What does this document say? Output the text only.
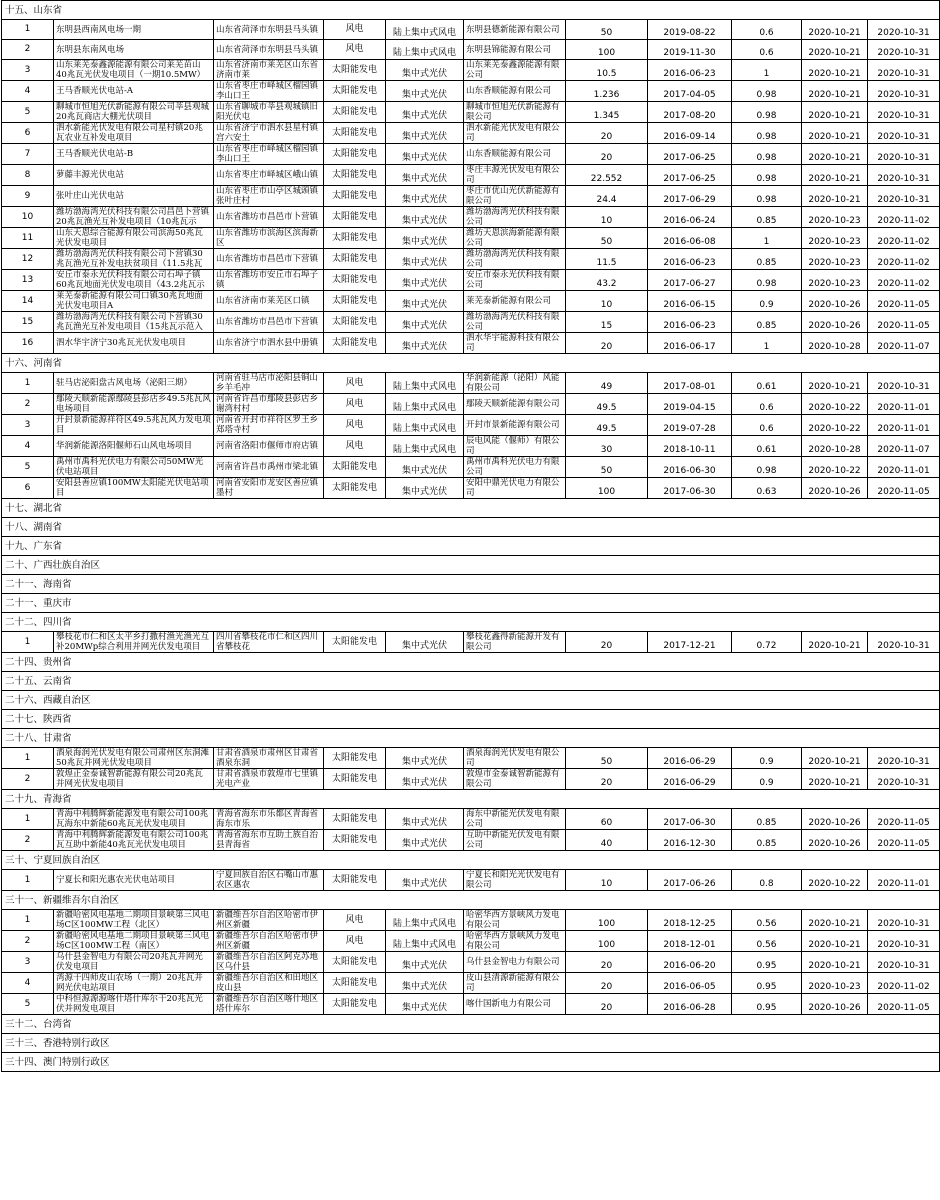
十五、山东省										
1	东明县西南风电场一期	山东省菏泽市东明县马头镇	风电	陆上集中式风电	东明县德新能源有限公司	50	2019-08-22	0.6	2020-10-21	2020-10-31
2	东明县东南风电场	山东省菏泽市东明县马头镇	风电	陆上集中式风电	东明县锦能源有限公司	100	2019-11-30	0.6	2020-10-21	2020-10-31
3	山东莱芜泰鑫源能源有限公司莱芜苗山40兆瓦光伏发电项目（一期10.5MW）	山东省济南市莱芜区山东省济南市莱	太阳能发电	集中式光伏	山东莱芜泰鑫源能源有限公司	10.5	2016-06-23	1	2020-10-21	2020-10-31
4	王马香顺光伏电站-A	山东省枣庄市峄城区榴园镇李山口王	太阳能发电	集中式光伏	山东香顺能源有限公司	1.236	2017-04-05	0.98	2020-10-21	2020-10-31
5	聊城市恒旭光伏新能源有限公司莘县观城20兆瓦商店大棚光伏项目	山东省聊城市莘县观城镇旧阳光伏屯	太阳能发电	集中式光伏	聊城市恒旭光伏新能源有限公司	1.345	2017-08-20	0.98	2020-10-21	2020-10-31
6	泗水新能光伏发电有限公司星村镇20兆瓦农业互补发电项目	山东省济宁市泗水县星村镇宫六安土	太阳能发电	集中式光伏	泗水新能光伏发电有限公司	20	2016-09-14	0.98	2020-10-21	2020-10-31
7	王马香顺光伏电站-B	山东省枣庄市峄城区榴园镇李山口王	太阳能发电	集中式光伏	山东香顺能源有限公司	20	2017-06-25	0.98	2020-10-21	2020-10-31
8	萝藤丰源光伏电站	山东省枣庄市峄城区峨山镇	太阳能发电	集中式光伏	枣庄丰源光伏发电有限公司	22.552	2017-06-25	0.98	2020-10-21	2020-10-31
9	张叶庄山光伏电站	山东省枣庄市山亭区城頭镇张叶庄村	太阳能发电	集中式光伏	枣庄市优山光伏新能源有限公司	24.4	2017-06-29	0.98	2020-10-21	2020-10-31
10	潍坊渤海湾光伏科技有限公司昌邑卜营镇20兆瓦渔光互补发电项目（10兆瓦示	山东省潍坊市昌邑市卜营镇	太阳能发电	集中式光伏	潍坊渤海湾光伏科技有限公司	10	2016-06-24	0.85	2020-10-23	2020-11-02
11	山东天恩综合能源有限公司滨海50兆瓦光伏发电项目	山东省潍坊市滨海区滨海新区	太阳能发电	集中式光伏	潍坊天恩滨海新能源有限公司	50	2016-06-08	1	2020-10-23	2020-11-02
12	潍坊渤海湾光伏科技有限公司下营镇30兆瓦渔光互补发电扶贫项目（11.5兆瓦	山东省潍坊市昌邑市下营镇	太阳能发电	集中式光伏	潍坊渤海湾光伏科技有限公司	11.5	2016-06-23	0.85	2020-10-23	2020-11-02
13	安丘市泰永光伏科技有限公司石埠子镇60兆瓦地面光伏发电项目（43.2兆瓦示	山东省潍坊市安丘市石埠子镇	太阳能发电	集中式光伏	安丘市泰永光伏科技有限公司	43.2	2017-06-27	0.98	2020-10-23	2020-11-02
14	莱芜泰新能源有限公司口镇30兆瓦地面光伏发电项目A	山东省济南市莱芜区口镇	太阳能发电	集中式光伏	莱芜泰新能源有限公司	10	2016-06-15	0.9	2020-10-26	2020-11-05
15	潍坊渤海湾光伏科技有限公司下营镇30兆瓦渔光互补发电项目（15兆瓦示范入	山东省潍坊市昌邑市下营镇	太阳能发电	集中式光伏	潍坊渤海湾光伏科技有限公司	15	2016-06-23	0.85	2020-10-26	2020-11-05
16	泗水华宇济宁30兆瓦光伏发电项目	山东省济宁市泗水县中册镇	太阳能发电	集中式光伏	泗水华宇能源科技有限公司	20	2016-06-17	1	2020-10-28	2020-11-07
十六、河南省										
1	驻马店泌阳盘古风电场（泌阳三期）	河南省驻马店市泌阳县铜山乡羊毛冲	风电	陆上集中式风电	华润新能源（泌阳）风能有限公司	49	2017-08-01	0.61	2020-10-21	2020-10-31
2	鄢陵天顺新能源鄢陵县彭店乡49.5兆瓦风电场项目	河南省许昌市鄢陵县彭店乡谢湾村村	风电	陆上集中式风电	鄢陵天顺新能源有限公司	49.5	2019-04-15	0.6	2020-10-22	2020-11-01
3	开封景新能源祥符区49.5兆瓦风力发电项目	河南省开封市祥符区罗王乡郑塔寺村	风电	陆上集中式风电	开封市景新能源有限公司	49.5	2019-07-28	0.6	2020-10-22	2020-11-01
4	华润新能源洛阳偃师石山风电场项目	河南省洛阳市偃师市府店镇	风电	陆上集中式风电	辰电风能（偃师）有限公司	30	2018-10-11	0.61	2020-10-28	2020-11-07
5	禹州市禹科光伏电力有限公司50MW光伏电站项目	河南省许昌市禹州市梁北镇	太阳能发电	集中式光伏	禹州市禹科光伏电力有限公司	50	2016-06-30	0.98	2020-10-22	2020-11-01
6	安阳县善应镇100MW太阳能光伏电站项目	河南省安阳市龙安区善应镇墨村	太阳能发电	集中式光伏	安阳中鼎光伏电力有限公司	100	2017-06-30	0.63	2020-10-26	2020-11-05
十七、湖北省										
十八、湖南省										
十九、广东省										
二十、广西壮族自治区										
二十一、海南省										
二十一、重庆市										
二十二、四川省										
1	攀枝花市仁和区太平乡打撒村渔光渔光互补20MWp综合利用并网光伏发电项目	四川省攀枝花市仁和区四川省攀枝花	太阳能发电	集中式光伏	攀枝花鑫得新能源开发有限公司	20	2017-12-21	0.72	2020-10-21	2020-10-31
二十四、贵州省										
二十五、云南省										
二十六、西藏自治区										
二十七、陕西省										
二十八、甘肃省										
1	酒泉海润光伏发电有限公司肃州区东洞滩50兆瓦并网光伏发电项目	甘肃省酒泉市肃州区甘肃省酒泉东洞	太阳能发电	集中式光伏	酒泉海润光伏发电有限公司	50	2016-06-29	0.9	2020-10-21	2020-10-31
2	敦煌正金泰诚智新能源有限公司20兆瓦并网光伏发电项目	甘肃省酒泉市敦煌市七里镇光电产业	太阳能发电	集中式光伏	敦煌市金泰诚智新能源有限公司	20	2016-06-29	0.9	2020-10-21	2020-10-31
二十九、青海省										
1	青海中利腾辉新能源发电有限公司100兆瓦海东中新能60兆瓦光伏发电项目	青海省海东市乐都区青海省海东市乐	太阳能发电	集中式光伏	海东中新能光伏发电有限公司	60	2017-06-30	0.85	2020-10-26	2020-11-05
2	青海中利腾辉新能源发电有限公司100兆瓦互助中新能40兆瓦光伏发电项目	青海省海东市互助土族自治县青海省	太阳能发电	集中式光伏	互助中新能光伏发电有限公司	40	2016-12-30	0.85	2020-10-26	2020-11-05
三十、宁夏回族自治区										
1	宁夏长和阳光惠农光伏电站项目	宁夏回族自治区石嘴山市惠农区惠农	太阳能发电	集中式光伏	宁夏长和阳光光伏发电有限公司	10	2017-06-26	0.8	2020-10-22	2020-11-01
三十一、新疆维吾尔自治区										
1	新疆哈密风电基地二期项目景峡第三风电场C区100MW工程（北区）	新疆维吾尔自治区哈密市伊州区新疆	风电	陆上集中式风电	哈密华西方景峡风力发电有限公司	100	2018-12-25	0.56	2020-10-21	2020-10-31
2	新疆哈密风电基地二期项目景峡第三风电场C区100MW工程（南区）	新疆维吾尔自治区哈密市伊州区新疆	风电	陆上集中式风电	哈密华西方景峡风力发电有限公司	100	2018-12-01	0.56	2020-10-21	2020-10-31
3	乌什县金智电力有限公司20兆瓦并网光伏发电项目	新疆维吾尔自治区阿克苏地区乌什县	太阳能发电	集中式光伏	乌什县金智电力有限公司	20	2016-06-20	0.95	2020-10-21	2020-10-31
4	湾源干四师皮山农场（一期）20兆瓦并网光伏电站项目	新疆维吾尔自治区和田地区皮山县	太阳能发电	集中式光伏	皮山县清源新能源有限公司	20	2016-06-05	0.95	2020-10-23	2020-11-02
5	中科恒源源源喀什塔什库尔干20兆瓦光伏并网发电项目	新疆维吾尔自治区喀什地区塔什库尔	太阳能发电	集中式光伏	喀什国新电力有限公司	20	2016-06-28	0.95	2020-10-26	2020-11-05
三十二、台湾省										
三十三、香港特别行政区										
三十四、澳门特别行政区										
